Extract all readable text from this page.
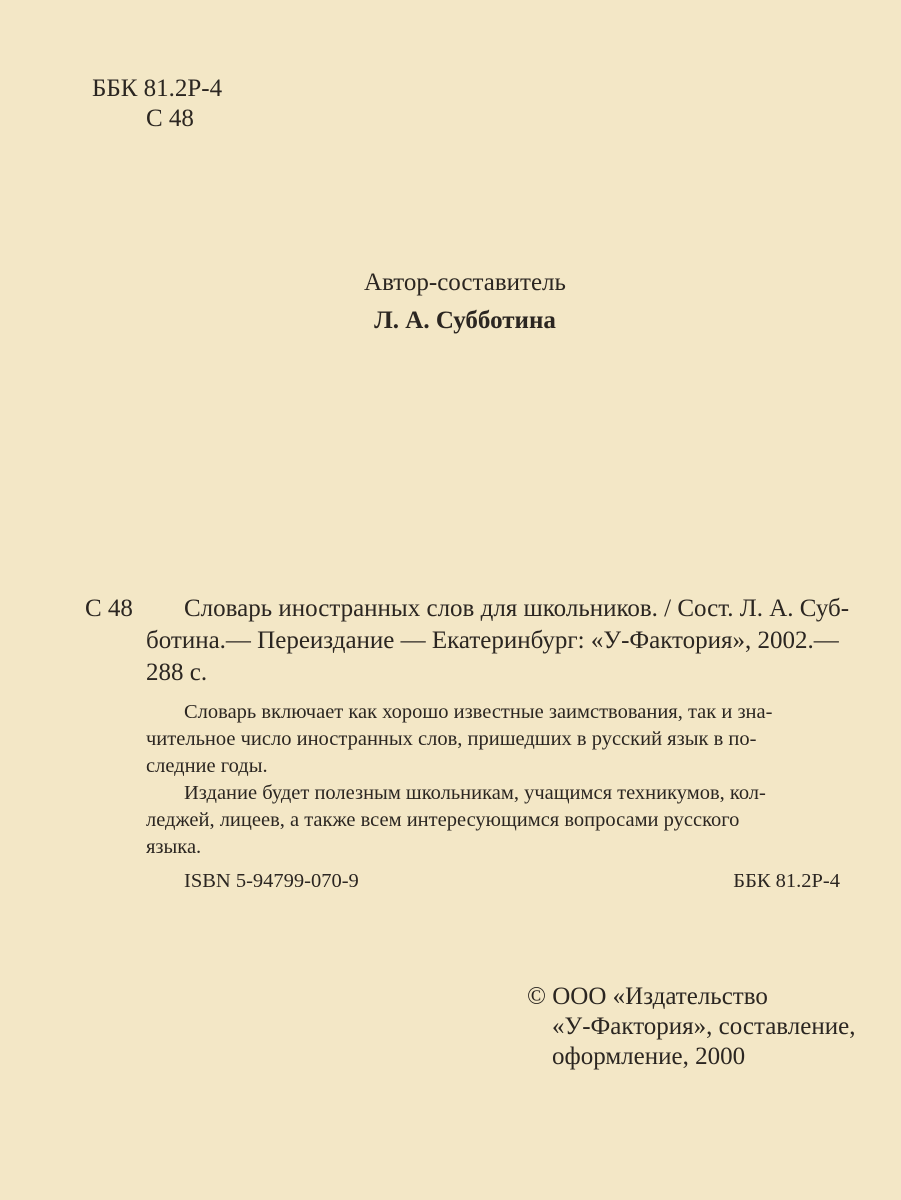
ББК 81.2Р-4
С 48
Автор-составитель
Л. А. Субботина
С 48 Словарь иностранных слов для школьников. / Сост. Л. А. Суб-
ботина.— Переиздание — Екатеринбург: «У-Фактория», 2002.—
288 с.
Словарь включает как хорошо известные заимствования, так и зна-
чительное число иностранных слов, пришедших в русский язык в по-
следние годы.
Издание будет полезным школьникам, учащимся техникумов, кол-
леджей, лицеев, а также всем интересующимся вопросами русского
языка.
ISBN 5-94799-070-9	ББК 81.2Р-4
© ООО «Издательство
«У-Фактория», составление,
оформление, 2000
